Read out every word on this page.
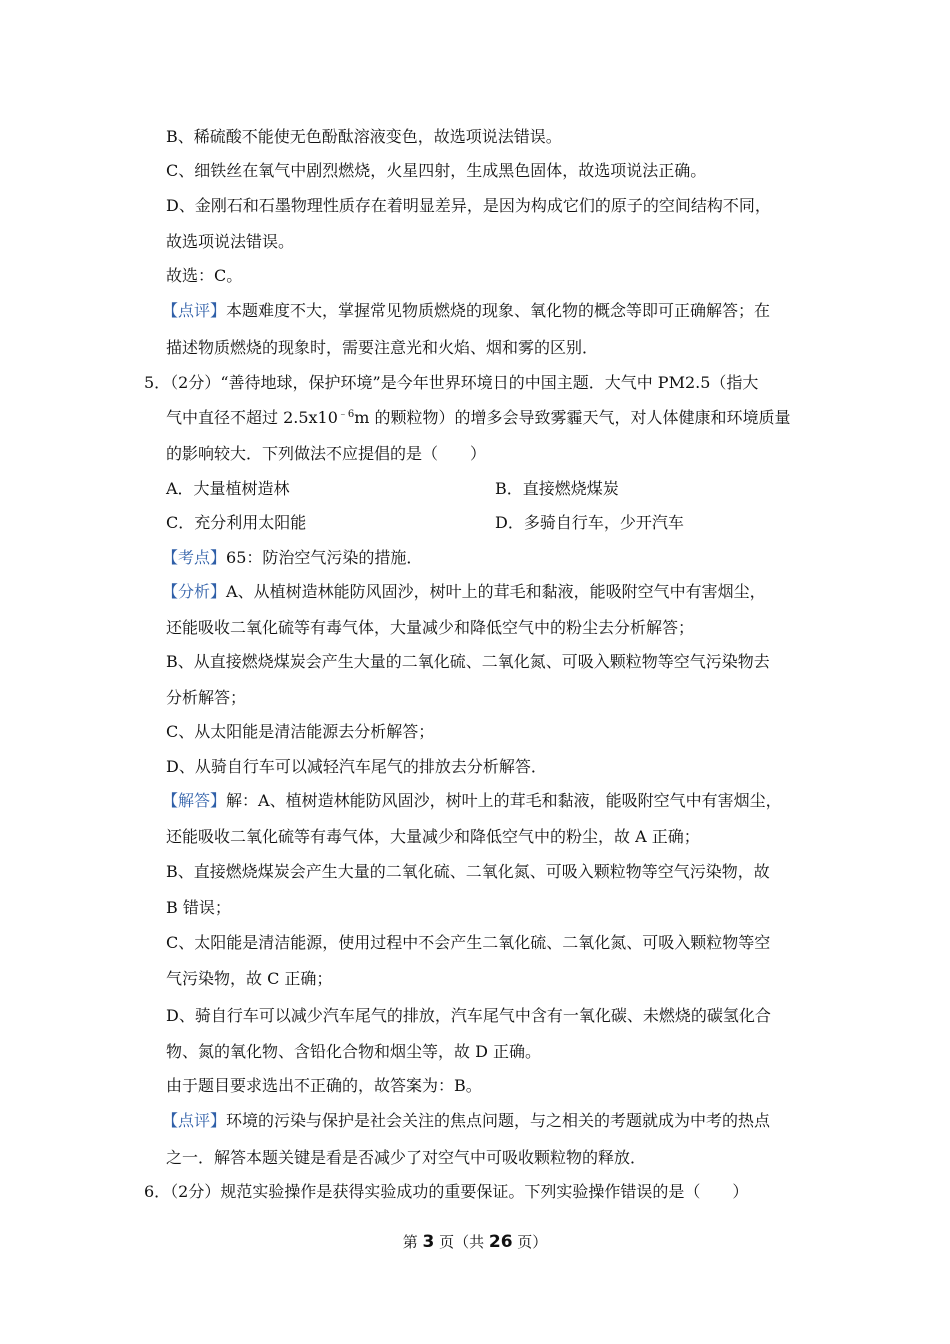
B、稀硫酸不能使无色酚酞溶液变色，故选项说法错误。
C、细铁丝在氧气中剧烈燃烧，火星四射，生成黑色固体，故选项说法正确。
D、金刚石和石墨物理性质存在着明显差异，是因为构成它们的原子的空间结构不同，
故选项说法错误。
故选：C。
【点评】本题难度不大，掌握常见物质燃烧的现象、氧化物的概念等即可正确解答；在
描述物质燃烧的现象时，需要注意光和火焰、烟和雾的区别．
5．（2分）“善待地球，保护环境”是今年世界环境日的中国主题．大气中 PM2.5（指大
气中直径不超过 $2.5x10^{﹣6}m$ 的颗粒物）的增多会导致雾霾天气，对人体健康和环境质量
的影响较大．下列做法不应提倡的是（　　）
A．大量植树造林	B．直接燃烧煤炭
C．充分利用太阳能	D．多骑自行车，少开汽车
【考点】65：防治空气污染的措施．
【分析】A、从植树造林能防风固沙，树叶上的茸毛和黏液，能吸附空气中有害烟尘，
还能吸收二氧化硫等有毒气体，大量减少和降低空气中的粉尘去分析解答；
B、从直接燃烧煤炭会产生大量的二氧化硫、二氧化氮、可吸入颗粒物等空气污染物去
分析解答；
C、从太阳能是清洁能源去分析解答；
D、从骑自行车可以减轻汽车尾气的排放去分析解答．
【解答】解：A、植树造林能防风固沙，树叶上的茸毛和黏液，能吸附空气中有害烟尘，
还能吸收二氧化硫等有毒气体，大量减少和降低空气中的粉尘，故 A 正确；
B、直接燃烧煤炭会产生大量的二氧化硫、二氧化氮、可吸入颗粒物等空气污染物，故
B 错误；
C、太阳能是清洁能源，使用过程中不会产生二氧化硫、二氧化氮、可吸入颗粒物等空
气污染物，故 C 正确；
D、骑自行车可以减少汽车尾气的排放，汽车尾气中含有一氧化碳、未燃烧的碳氢化合
物、氮的氧化物、含铅化合物和烟尘等，故 D 正确。
由于题目要求选出不正确的，故答案为：B。
【点评】环境的污染与保护是社会关注的焦点问题，与之相关的考题就成为中考的热点
之一．解答本题关键是看是否减少了对空气中可吸收颗粒物的释放．
6．（2分）规范实验操作是获得实验成功的重要保证。下列实验操作错误的是（　　）
第 3 页（共 26 页）
